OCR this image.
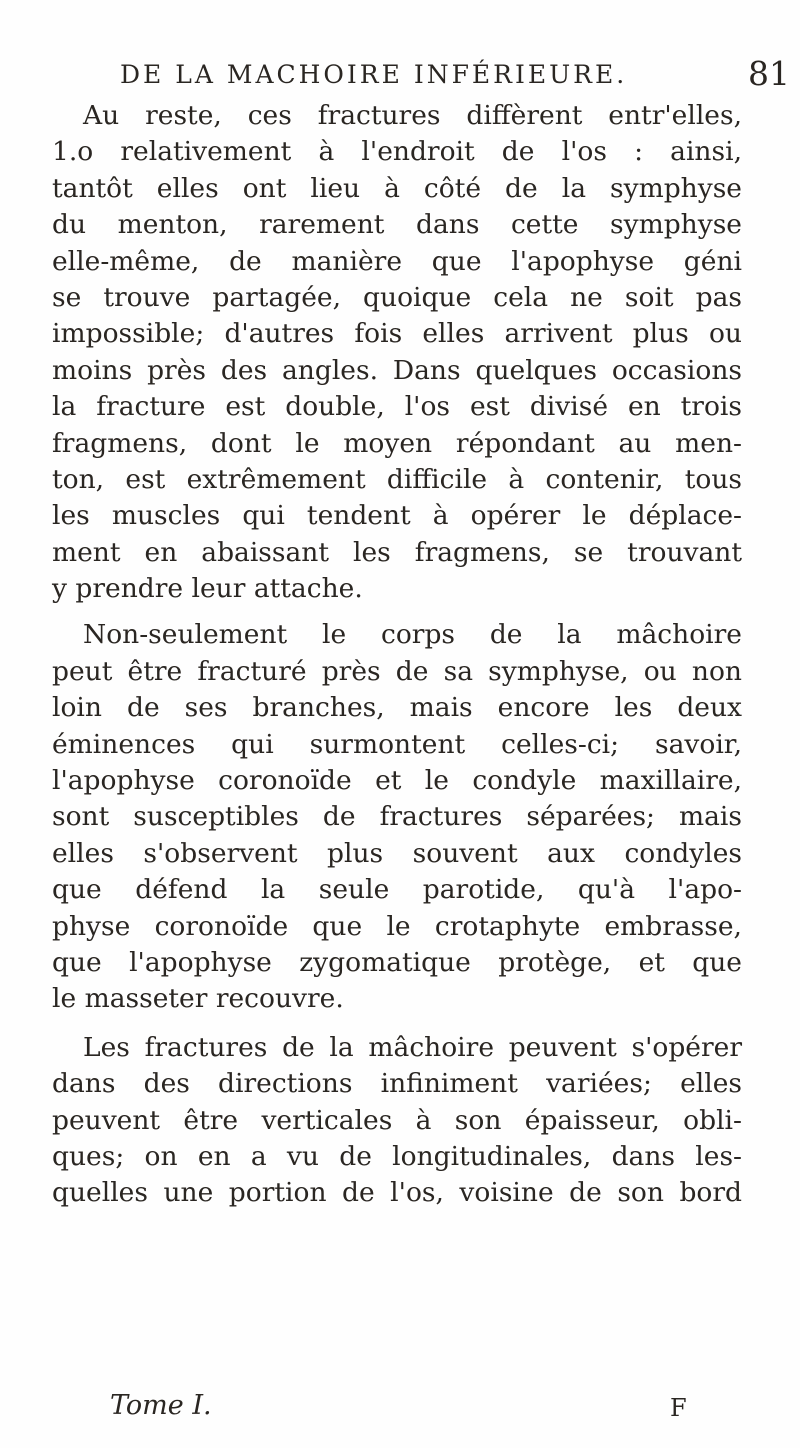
DE LA MACHOIRE INFÉRIEURE.	81
Au reste, ces fractures diffèrent entr'elles,
1.o relativement à l'endroit de l'os : ainsi,
tantôt elles ont lieu à côté de la symphyse
du menton, rarement dans cette symphyse
elle-même, de manière que l'apophyse géni
se trouve partagée, quoique cela ne soit pas
impossible; d'autres fois elles arrivent plus ou
moins près des angles. Dans quelques occasions
la fracture est double, l'os est divisé en trois
fragmens, dont le moyen répondant au men-
ton, est extrêmement difficile à contenir, tous
les muscles qui tendent à opérer le déplace-
ment en abaissant les fragmens, se trouvant
y prendre leur attache.
Non-seulement le corps de la mâchoire
peut être fracturé près de sa symphyse, ou non
loin de ses branches, mais encore les deux
éminences qui surmontent celles-ci; savoir,
l'apophyse coronoïde et le condyle maxillaire,
sont susceptibles de fractures séparées; mais
elles s'observent plus souvent aux condyles
que défend la seule parotide, qu'à l'apo-
physe coronoïde que le crotaphyte embrasse,
que l'apophyse zygomatique protège, et que
le masseter recouvre.
Les fractures de la mâchoire peuvent s'opérer
dans des directions infiniment variées; elles
peuvent être verticales à son épaisseur, obli-
ques; on en a vu de longitudinales, dans les-
quelles une portion de l'os, voisine de son bord
Tome I.	F
